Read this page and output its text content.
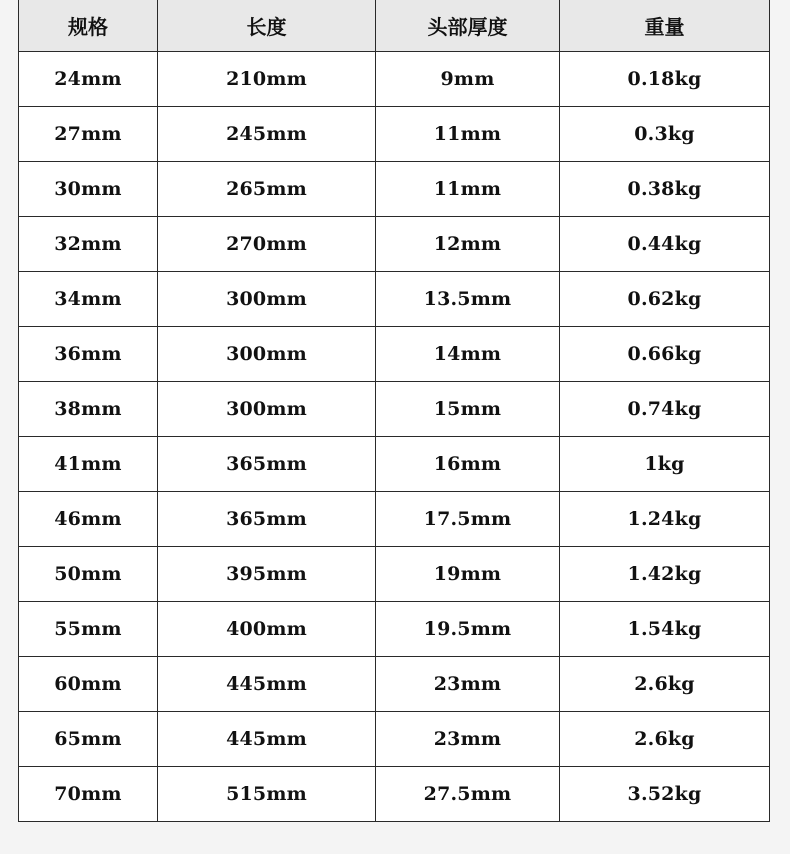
规格	长度	头部厚度	重量
24mm	210mm	9mm	0.18kg
27mm	245mm	11mm	0.3kg
30mm	265mm	11mm	0.38kg
32mm	270mm	12mm	0.44kg
34mm	300mm	13.5mm	0.62kg
36mm	300mm	14mm	0.66kg
38mm	300mm	15mm	0.74kg
41mm	365mm	16mm	1kg
46mm	365mm	17.5mm	1.24kg
50mm	395mm	19mm	1.42kg
55mm	400mm	19.5mm	1.54kg
60mm	445mm	23mm	2.6kg
65mm	445mm	23mm	2.6kg
70mm	515mm	27.5mm	3.52kg
